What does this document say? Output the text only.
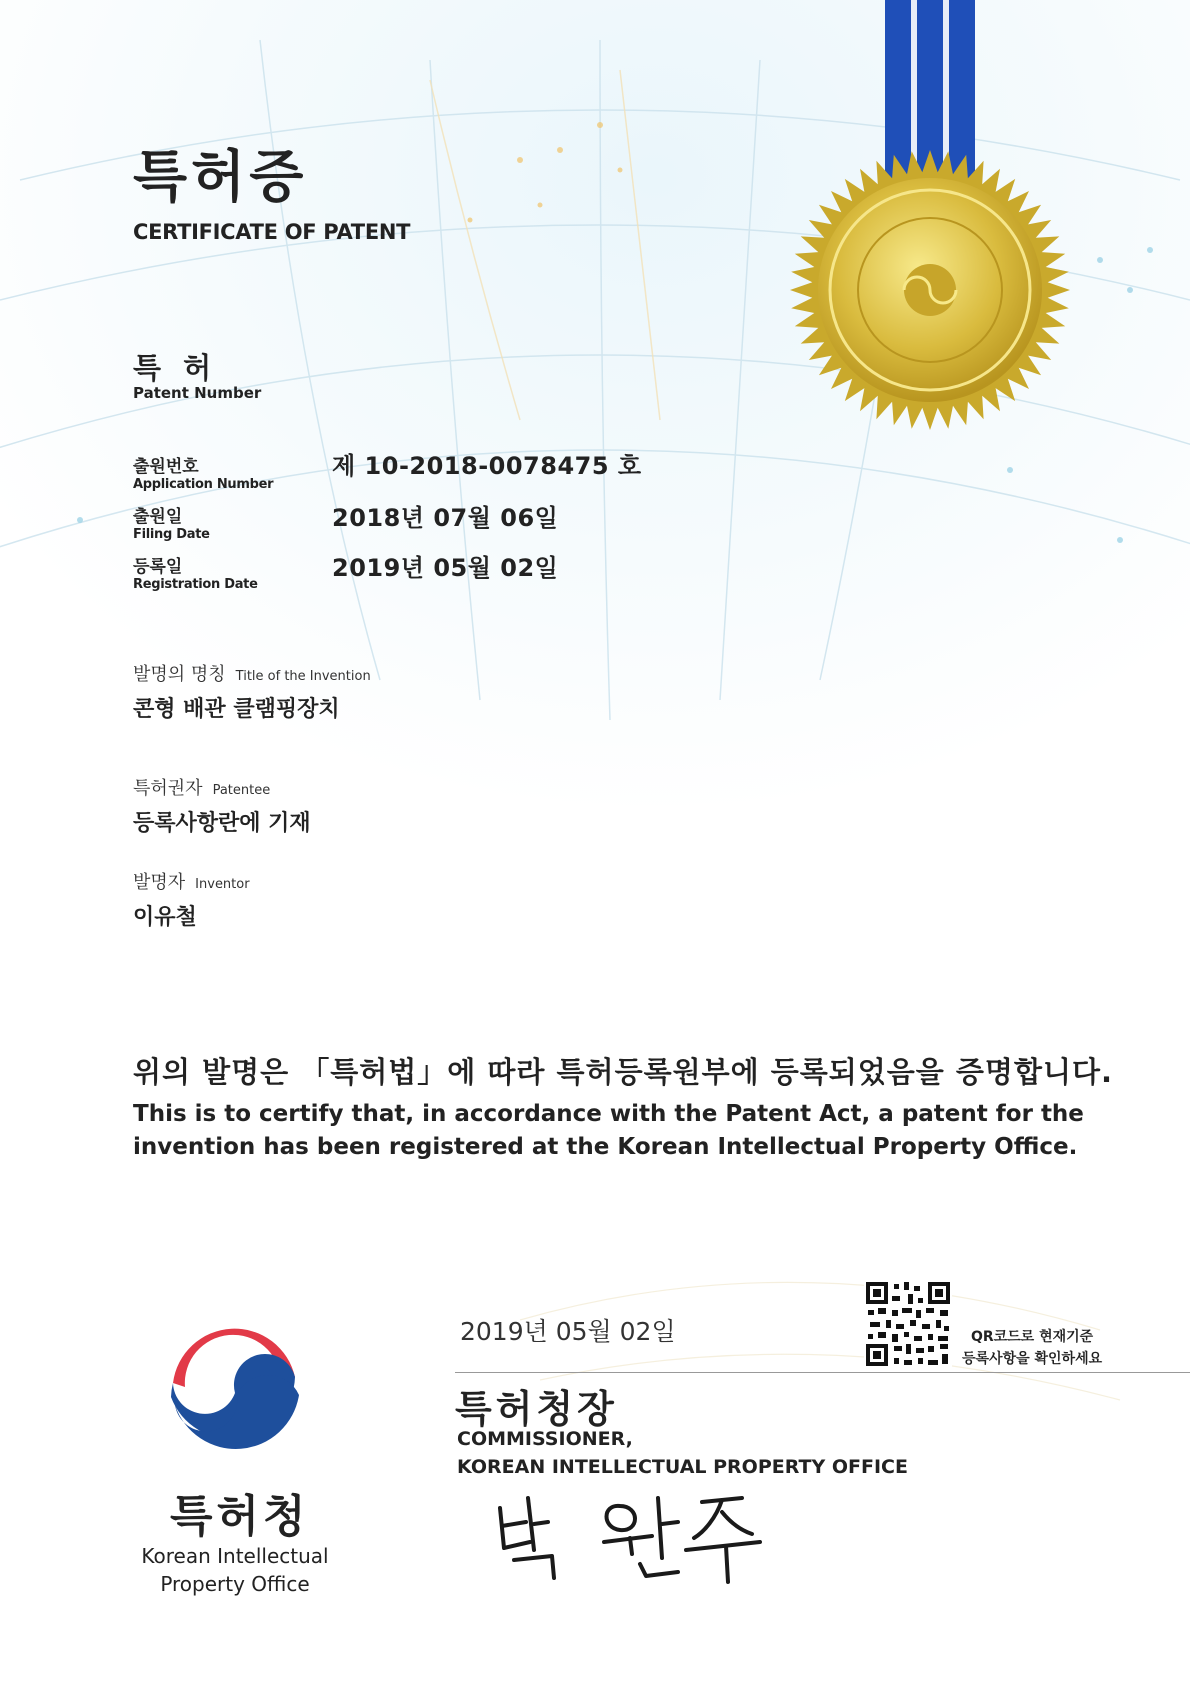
특허증
CERTIFICATE OF PATENT
특 허
Patent Number
출원번호
Application Number
제 10-2018-0078475 호
출원일
Filing Date
2018년 07월 06일
등록일
Registration Date
2019년 05월 02일
발명의 명칭 Title of the Invention
콘형 배관 클램핑장치
특허권자 Patentee
등록사항란에 기재
발명자 Inventor
이유철
위의 발명은 「특허법」에 따라 특허등록원부에 등록되었음을 증명합니다.
This is to certify that, in accordance with the Patent Act, a patent for the invention has been registered at the Korean Intellectual Property Office.
2019년 05월 02일	QR코드로 현재기준
등록사항을 확인하세요
특허청장
COMMISSIONER,
KOREAN INTELLECTUAL PROPERTY OFFICE
특허청
Korean Intellectual
Property Office
